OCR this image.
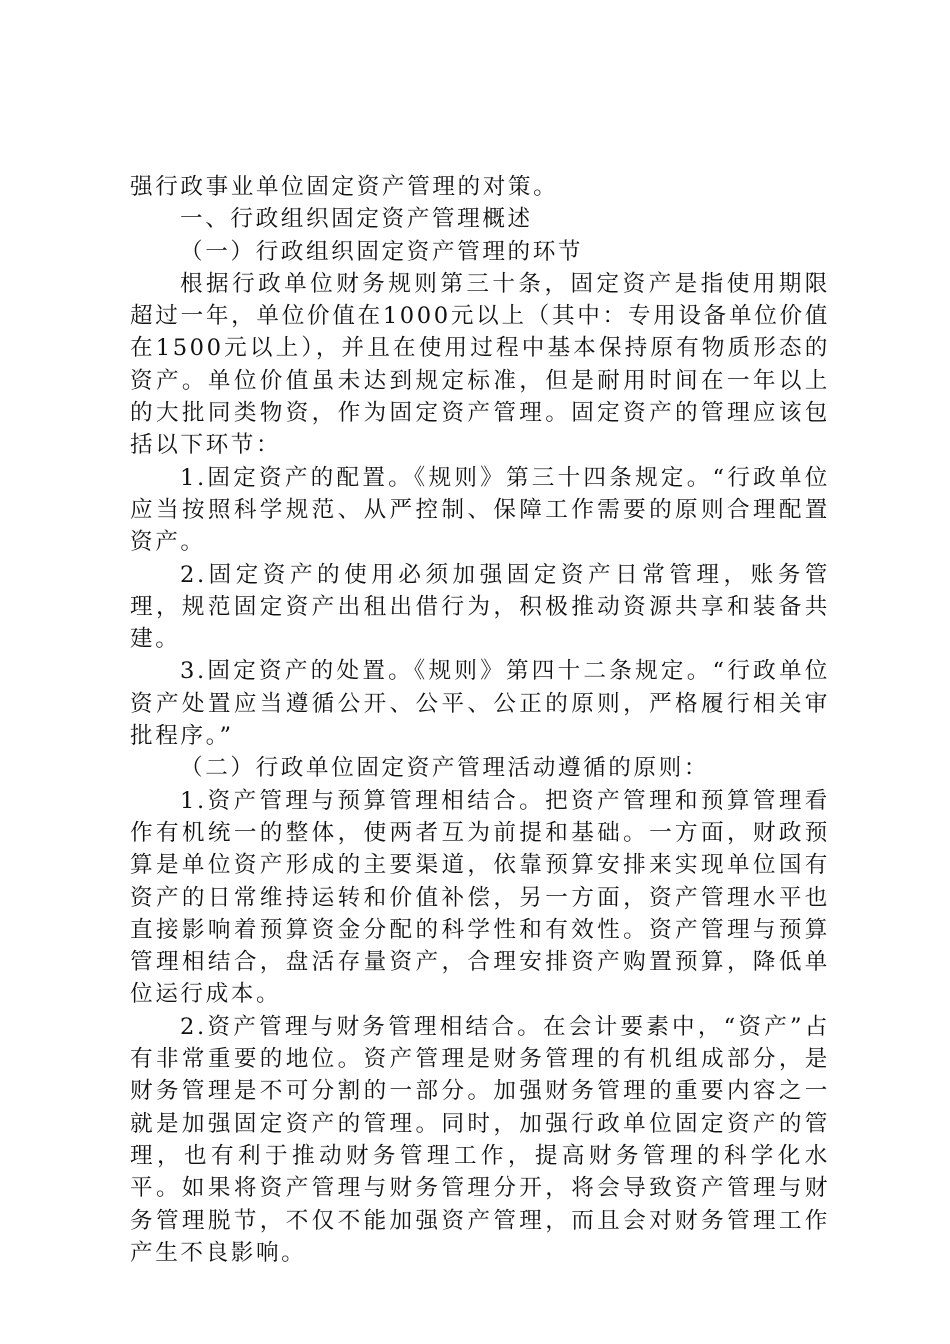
强行政事业单位固定资产管理的对策。

一、行政组织固定资产管理概述

（一）行政组织固定资产管理的环节

根据行政单位财务规则第三十条，固定资产是指使用期限超过一年，单位价值在1000元以上（其中：专用设备单位价值在1500元以上），并且在使用过程中基本保持原有物质形态的资产。单位价值虽未达到规定标准，但是耐用时间在一年以上的大批同类物资，作为固定资产管理。固定资产的管理应该包括以下环节：

1.固定资产的配置。《规则》第三十四条规定。“行政单位应当按照科学规范、从严控制、保障工作需要的原则合理配置资产。

2.固定资产的使用必须加强固定资产日常管理，账务管理，规范固定资产出租出借行为，积极推动资源共享和装备共建。

3.固定资产的处置。《规则》第四十二条规定。“行政单位资产处置应当遵循公开、公平、公正的原则，严格履行相关审批程序。”

（二）行政单位固定资产管理活动遵循的原则：

1.资产管理与预算管理相结合。把资产管理和预算管理看作有机统一的整体，使两者互为前提和基础。一方面，财政预算是单位资产形成的主要渠道，依靠预算安排来实现单位国有资产的日常维持运转和价值补偿，另一方面，资产管理水平也直接影响着预算资金分配的科学性和有效性。资产管理与预算管理相结合，盘活存量资产，合理安排资产购置预算，降低单位运行成本。

2.资产管理与财务管理相结合。在会计要素中，“资产”占有非常重要的地位。资产管理是财务管理的有机组成部分，是财务管理是不可分割的一部分。加强财务管理的重要内容之一就是加强固定资产的管理。同时，加强行政单位固定资产的管理，也有利于推动财务管理工作，提高财务管理的科学化水平。如果将资产管理与财务管理分开，将会导致资产管理与财务管理脱节，不仅不能加强资产管理，而且会对财务管理工作产生不良影响。
